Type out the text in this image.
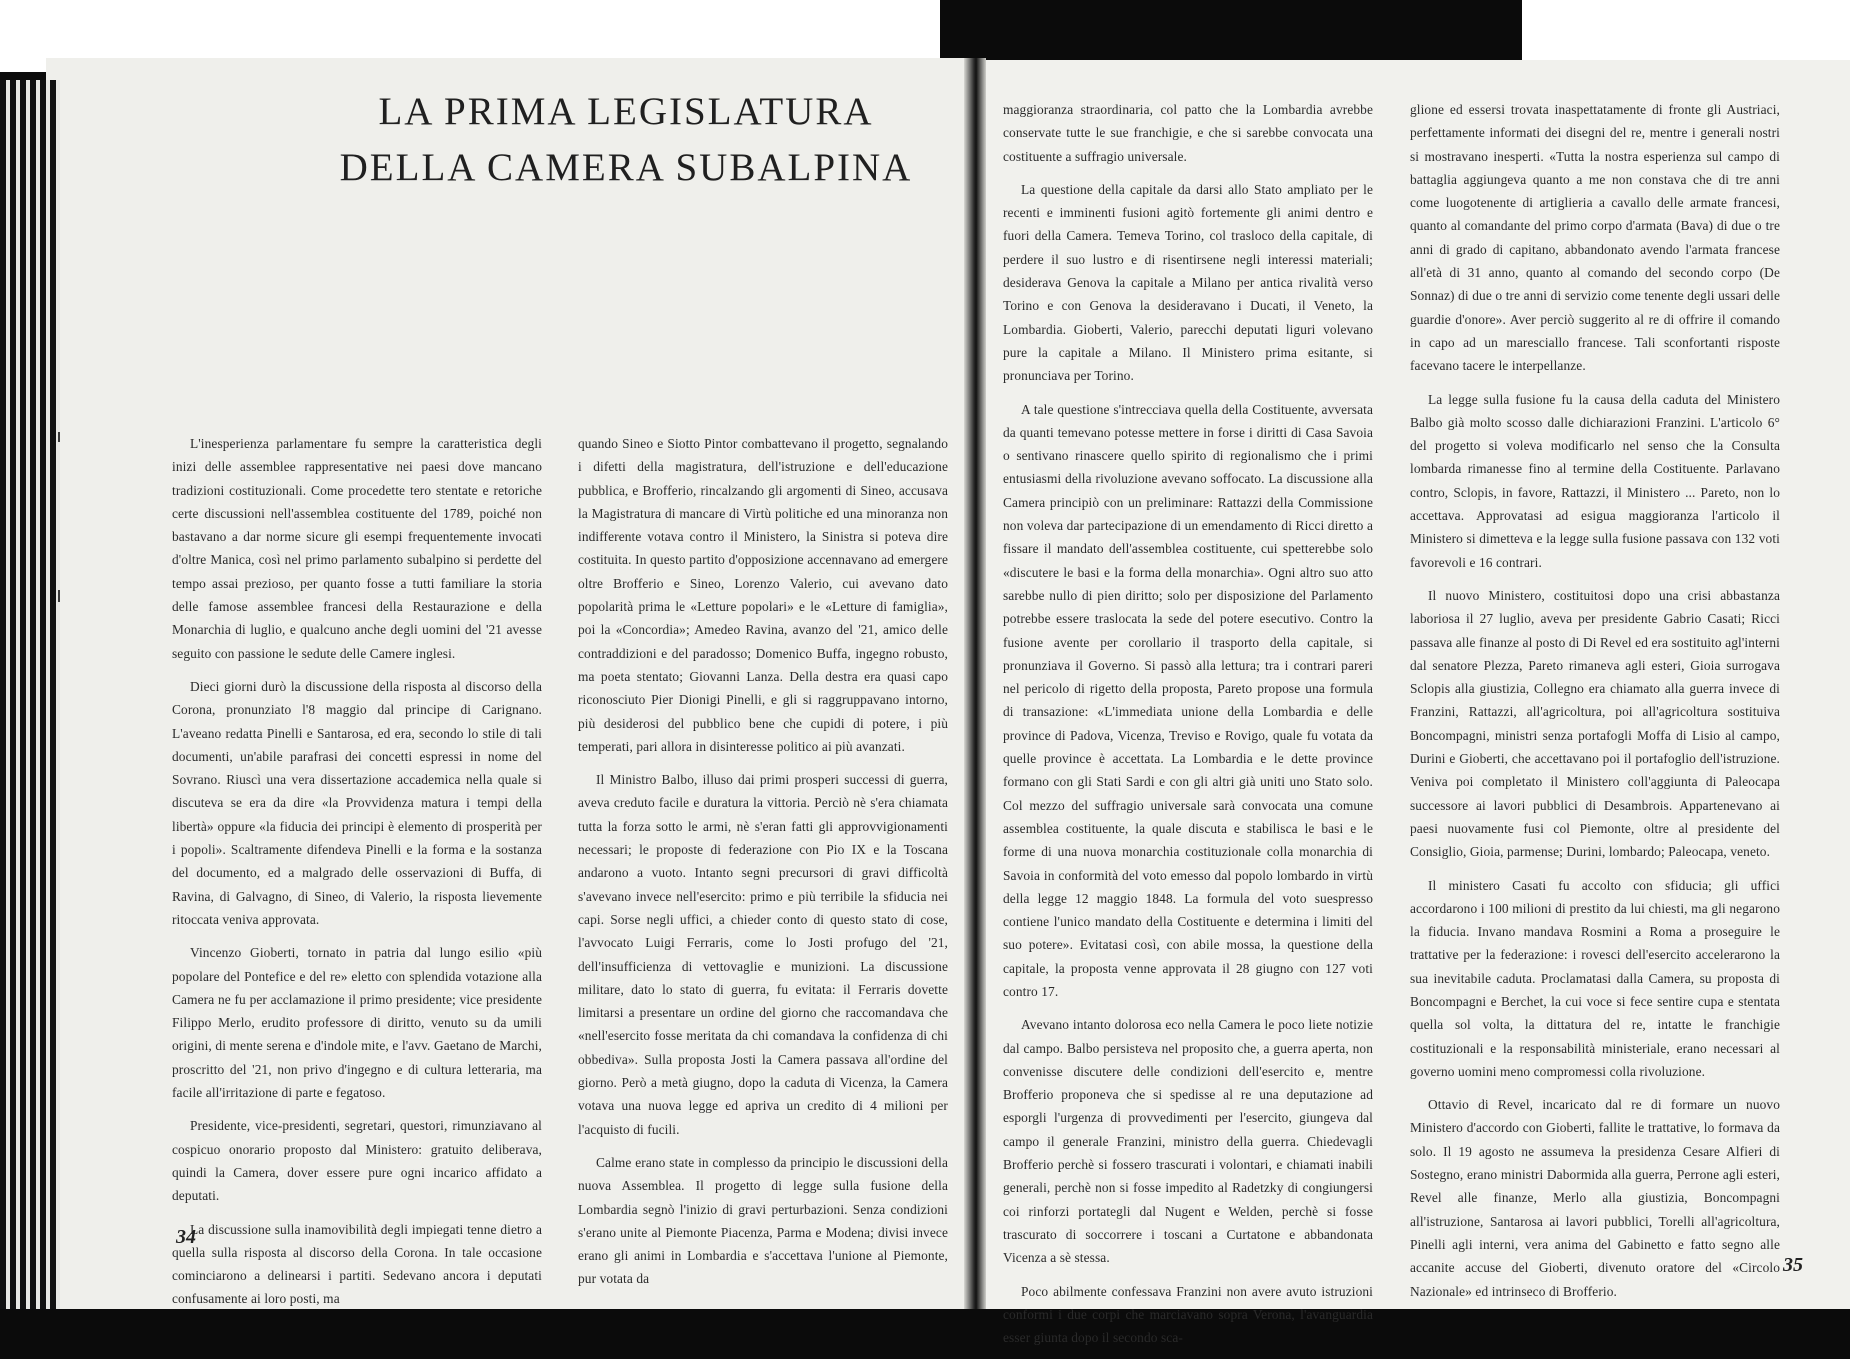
LA PRIMA LEGISLATURA
DELLA CAMERA SUBALPINA

L'inesperienza parlamentare fu sempre la caratteristica degli inizi delle assemblee rappresentative nei paesi dove mancano tradizioni costituzionali. Come procedette tero stentate e retoriche certe discussioni nell'assemblea costituente del 1789, poiché non bastavano a dar norme sicure gli esempi frequentemente invocati d'oltre Manica, così nel primo parlamento subalpino si perdette del tempo assai prezioso, per quanto fosse a tutti familiare la storia delle famose assemblee francesi della Restaurazione e della Monarchia di luglio, e qualcuno anche degli uomini del '21 avesse seguito con passione le sedute delle Camere inglesi.

Dieci giorni durò la discussione della risposta al discorso della Corona, pronunziato l'8 maggio dal principe di Carignano. L'aveano redatta Pinelli e Santarosa, ed era, secondo lo stile di tali documenti, un'abile parafrasi dei concetti espressi in nome del Sovrano. Riuscì una vera dissertazione accademica nella quale si discuteva se era da dire «la Provvidenza matura i tempi della libertà» oppure «la fiducia dei principi è elemento di prosperità per i popoli». Scaltramente difendeva Pinelli e la forma e la sostanza del documento, ed a malgrado delle osservazioni di Buffa, di Ravina, di Galvagno, di Sineo, di Valerio, la risposta lievemente ritoccata veniva approvata.

Vincenzo Gioberti, tornato in patria dal lungo esilio «più popolare del Pontefice e del re» eletto con splendida votazione alla Camera ne fu per acclamazione il primo presidente; vice presidente Filippo Merlo, erudito professore di diritto, venuto su da umili origini, di mente serena e d'indole mite, e l'avv. Gaetano de Marchi, proscritto del '21, non privo d'ingegno e di cultura letteraria, ma facile all'irritazione di parte e fegatoso.

Presidente, vice-presidenti, segretari, questori, rimunziavano al cospicuo onorario proposto dal Ministero: gratuito deliberava, quindi la Camera, dover essere pure ogni incarico affidato a deputati.

La discussione sulla inamovibilità degli impiegati tenne dietro a quella sulla risposta al discorso della Corona. In tale occasione cominciarono a delinearsi i partiti. Sedevano ancora i deputati confusamente ai loro posti, ma

quando Sineo e Siotto Pintor combattevano il progetto, segnalando i difetti della magistratura, dell'istruzione e dell'educazione pubblica, e Brofferio, rincalzando gli argomenti di Sineo, accusava la Magistratura di mancare di Virtù politiche ed una minoranza non indifferente votava contro il Ministero, la Sinistra si poteva dire costituita. In questo partito d'opposizione accennavano ad emergere oltre Brofferio e Sineo, Lorenzo Valerio, cui avevano dato popolarità prima le «Letture popolari» e le «Letture di famiglia», poi la «Concordia»; Amedeo Ravina, avanzo del '21, amico delle contraddizioni e del paradosso; Domenico Buffa, ingegno robusto, ma poeta stentato; Giovanni Lanza. Della destra era quasi capo riconosciuto Pier Dionigi Pinelli, e gli si raggruppavano intorno, più desiderosi del pubblico bene che cupidi di potere, i più temperati, pari allora in disinteresse politico ai più avanzati.

Il Ministro Balbo, illuso dai primi prosperi successi di guerra, aveva creduto facile e duratura la vittoria. Perciò nè s'era chiamata tutta la forza sotto le armi, nè s'eran fatti gli approvvigionamenti necessari; le proposte di federazione con Pio IX e la Toscana andarono a vuoto. Intanto segni precursori di gravi difficoltà s'avevano invece nell'esercito: primo e più terribile la sfiducia nei capi. Sorse negli uffici, a chieder conto di questo stato di cose, l'avvocato Luigi Ferraris, come lo Josti profugo del '21, dell'insufficienza di vettovaglie e munizioni. La discussione militare, dato lo stato di guerra, fu evitata: il Ferraris dovette limitarsi a presentare un ordine del giorno che raccomandava che «nell'esercito fosse meritata da chi comandava la confidenza di chi obbediva». Sulla proposta Josti la Camera passava all'ordine del giorno. Però a metà giugno, dopo la caduta di Vicenza, la Camera votava una nuova legge ed apriva un credito di 4 milioni per l'acquisto di fucili.

Calme erano state in complesso da principio le discussioni della nuova Assemblea. Il progetto di legge sulla fusione della Lombardia segnò l'inizio di gravi perturbazioni. Senza condizioni s'erano unite al Piemonte Piacenza, Parma e Modena; divisi invece erano gli animi in Lombardia e s'accettava l'unione al Piemonte, pur votata da

maggioranza straordinaria, col patto che la Lombardia avrebbe conservate tutte le sue franchigie, e che si sarebbe convocata una costituente a suffragio universale.

La questione della capitale da darsi allo Stato ampliato per le recenti e imminenti fusioni agitò fortemente gli animi dentro e fuori della Camera. Temeva Torino, col trasloco della capitale, di perdere il suo lustro e di risentirsene negli interessi materiali; desiderava Genova la capitale a Milano per antica rivalità verso Torino e con Genova la desideravano i Ducati, il Veneto, la Lombardia. Gioberti, Valerio, parecchi deputati liguri volevano pure la capitale a Milano. Il Ministero prima esitante, si pronunciava per Torino.

A tale questione s'intrecciava quella della Costituente, avversata da quanti temevano potesse mettere in forse i diritti di Casa Savoia o sentivano rinascere quello spirito di regionalismo che i primi entusiasmi della rivoluzione avevano soffocato. La discussione alla Camera principiò con un preliminare: Rattazzi della Commissione non voleva dar partecipazione di un emendamento di Ricci diretto a fissare il mandato dell'assemblea costituente, cui spetterebbe solo «discutere le basi e la forma della monarchia». Ogni altro suo atto sarebbe nullo di pien diritto; solo per disposizione del Parlamento potrebbe essere traslocata la sede del potere esecutivo. Contro la fusione avente per corollario il trasporto della capitale, si pronunziava il Governo. Si passò alla lettura; tra i contrari pareri nel pericolo di rigetto della proposta, Pareto propose una formula di transazione: «L'immediata unione della Lombardia e delle province di Padova, Vicenza, Treviso e Rovigo, quale fu votata da quelle province è accettata. La Lombardia e le dette province formano con gli Stati Sardi e con gli altri già uniti uno Stato solo. Col mezzo del suffragio universale sarà convocata una comune assemblea costituente, la quale discuta e stabilisca le basi e le forme di una nuova monarchia costituzionale colla monarchia di Savoia in conformità del voto emesso dal popolo lombardo in virtù della legge 12 maggio 1848. La formula del voto suespresso contiene l'unico mandato della Costituente e determina i limiti del suo potere». Evitatasi così, con abile mossa, la questione della capitale, la proposta venne approvata il 28 giugno con 127 voti contro 17.

Avevano intanto dolorosa eco nella Camera le poco liete notizie dal campo. Balbo persisteva nel proposito che, a guerra aperta, non convenisse discutere delle condizioni dell'esercito e, mentre Brofferio proponeva che si spedisse al re una deputazione ad esporgli l'urgenza di provvedimenti per l'esercito, giungeva dal campo il generale Franzini, ministro della guerra. Chiedevagli Brofferio perchè si fossero trascurati i volontari, e chiamati inabili generali, perchè non si fosse impedito al Radetzky di congiungersi coi rinforzi portategli dal Nugent e Welden, perchè si fosse trascurato di soccorrere i toscani a Curtatone e abbandonata Vicenza a sè stessa.

Poco abilmente confessava Franzini non avere avuto istruzioni conformi i due corpi che marciavano sopra Verona, l'avanguardia esser giunta dopo il secondo sca-

glione ed essersi trovata inaspettatamente di fronte gli Austriaci, perfettamente informati dei disegni del re, mentre i generali nostri si mostravano inesperti. «Tutta la nostra esperienza sul campo di battaglia aggiungeva quanto a me non constava che di tre anni come luogotenente di artiglieria a cavallo delle armate francesi, quanto al comandante del primo corpo d'armata (Bava) di due o tre anni di grado di capitano, abbandonato avendo l'armata francese all'età di 31 anno, quanto al comando del secondo corpo (De Sonnaz) di due o tre anni di servizio come tenente degli ussari delle guardie d'onore». Aver perciò suggerito al re di offrire il comando in capo ad un maresciallo francese. Tali sconfortanti risposte facevano tacere le interpellanze.

La legge sulla fusione fu la causa della caduta del Ministero Balbo già molto scosso dalle dichiarazioni Franzini. L'articolo 6° del progetto si voleva modificarlo nel senso che la Consulta lombarda rimanesse fino al termine della Costituente. Parlavano contro, Sclopis, in favore, Rattazzi, il Ministero ... Pareto, non lo accettava. Approvatasi ad esigua maggioranza l'articolo il Ministero si dimetteva e la legge sulla fusione passava con 132 voti favorevoli e 16 contrari.

Il nuovo Ministero, costituitosi dopo una crisi abbastanza laboriosa il 27 luglio, aveva per presidente Gabrio Casati; Ricci passava alle finanze al posto di Di Revel ed era sostituito agl'interni dal senatore Plezza, Pareto rimaneva agli esteri, Gioia surrogava Sclopis alla giustizia, Collegno era chiamato alla guerra invece di Franzini, Rattazzi, all'agricoltura, poi all'agricoltura sostituiva Boncompagni, ministri senza portafogli Moffa di Lisio al campo, Durini e Gioberti, che accettavano poi il portafoglio dell'istruzione. Veniva poi completato il Ministero coll'aggiunta di Paleocapa successore ai lavori pubblici di Desambrois. Appartenevano ai paesi nuovamente fusi col Piemonte, oltre al presidente del Consiglio, Gioia, parmense; Durini, lombardo; Paleocapa, veneto.

Il ministero Casati fu accolto con sfiducia; gli uffici accordarono i 100 milioni di prestito da lui chiesti, ma gli negarono la fiducia. Invano mandava Rosmini a Roma a proseguire le trattative per la federazione: i rovesci dell'esercito accelerarono la sua inevitabile caduta. Proclamatasi dalla Camera, su proposta di Boncompagni e Berchet, la cui voce si fece sentire cupa e stentata quella sol volta, la dittatura del re, intatte le franchigie costituzionali e la responsabilità ministeriale, erano necessari al governo uomini meno compromessi colla rivoluzione.

Ottavio di Revel, incaricato dal re di formare un nuovo Ministero d'accordo con Gioberti, fallite le trattative, lo formava da solo. Il 19 agosto ne assumeva la presidenza Cesare Alfieri di Sostegno, erano ministri Dabormida alla guerra, Perrone agli esteri, Revel alle finanze, Merlo alla giustizia, Boncompagni all'istruzione, Santarosa ai lavori pubblici, Torelli all'agricoltura, Pinelli agli interni, vera anima del Gabinetto e fatto segno alle accanite accuse del Gioberti, divenuto oratore del «Circolo Nazionale» ed intrinseco di Brofferio.

34
35
